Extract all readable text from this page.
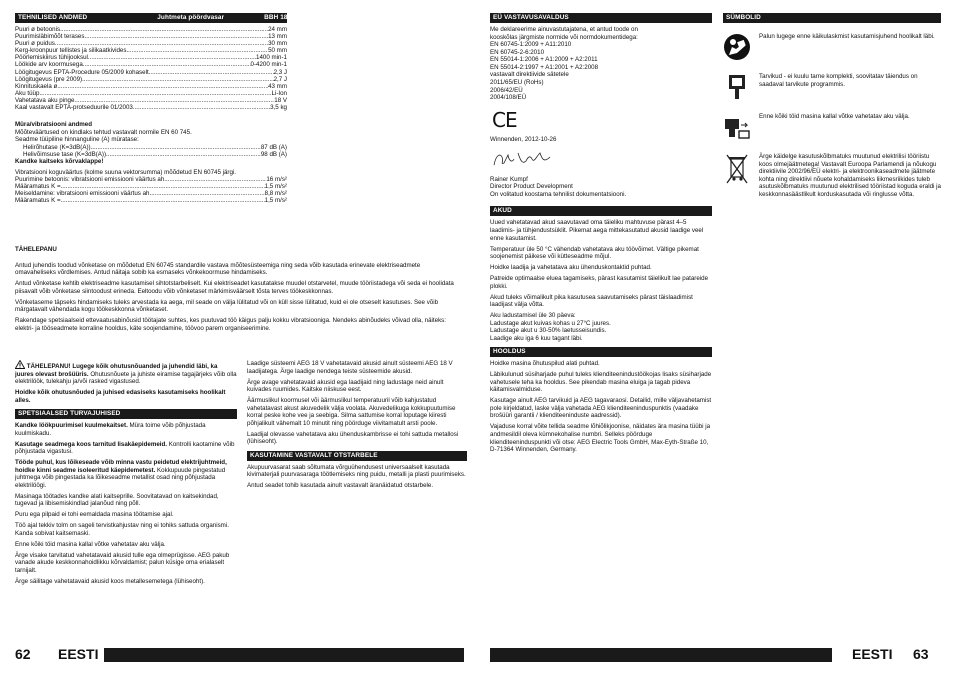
TEHNILISED ANDMED	Juhtmeta pöördvasar	BBH 18
Puuri ø betoonis .....	24 mm
Puurimisläbimõõt terases .....	13 mm
Puuri ø puidus .....	30 mm
Kerg-kroonpuur tellistes ja silikaatkivides .....	50 mm
Pöörlemiskiirus tühijooksul .....	1400 min-1
Löökide arv koormusega .....	0-4200 min-1
Löögitugevus EPTA-Procedure 05/2009 kohaselt .....	2,3 J
Löögitugevus (pre 2009) .....	2,7 J
Kinnituskaela ø .....	43 mm
Aku tüüp .....	Li-Ion
Vahetatava aku pinge .....	18 V
Kaal vastavalt EPTA-protseduurile 01/2003 .....	3,5 kg
Müra/vibratsiooni andmed
Mõõteväärtused on kindlaks tehtud vastavalt normile EN 60 745.
Seadme tüüpiline hinnanguline (A) müratase:
Helirõhutase (K=3dB(A)) .....	87 dB (A)
Helivõimsuse tase (K=3dB(A)) .....	98 dB (A)
Kandke kaitseks kõrvaklappe!
Vibratsiooni koguväärtus (kolme suuna vektorsumma) mõõdetud EN 60745 järgi.
Puurimine betoonis: vibratsiooni emissiooni väärtus ah .....	16 m/s²
Määramatus K = .....	1,5 m/s²
Meiseldamine: vibratsiooni emissiooni väärtus ah .....	8,8 m/s²
Määramatus K = .....	1,5 m/s²
TÄHELEPANU
Antud juhendis toodud võnketase on mõõdetud EN 60745 standardile vastava mõõtesüsteemiga ning seda võib kasutada erinevate elektriseadmete omavaheliseks võrdlemises. Antud näitaja sobib ka esmaseks võnkekoormuse hindamiseks.
Antud võnketase kehtib elektriseadme kasutamisel sihtotstarbeliselt. Kui elektriseadet kasutatakse muudel otstarvetel, muude tööriistadega või seda ei hoolidata piisavalt võib võnketase siintoodust erineda. Eeltoodu võib võnketaset märkimisväärselt tõsta terves töökeskkonnas.
Võnketaseme täpseks hindamiseks tuleks arvestada ka aega, mil seade on välja lülitatud või on küll sisse lülitatud, kuid ei ole otseselt kasutuses. See võib märgatavalt vähendada kogu töökeskkonna võnketaset.
Rakendage spetsiaalseid ettevaatusabinõusid töötajate suhtes, kes puutuvad töö käigus palju kokku vibratsiooniga. Nendeks abinõudeks võivad olla, näiteks: elektri- ja tööseadmete korraline hooldus, käte soojendamine, töövoo parem organiseerimine.
TÄHELEPANU! Lugege kõik ohutusnõuanded ja juhendid läbi, ka juures olevast brošüüris. Ohutusnõuete ja juhiste eiramise tagajärjeks võib olla elektrilöök, tulekahju ja/või rasked vigastused.
Hoidke kõik ohutusnõuded ja juhised edasiseks kasutamiseks hoolikalt alles.
SPETSIAALSED TURVAJUHISED
Kandke löökpuurimisel kuulmekaitset. Müra toime võib põhjustada kuulmiskadu.
Kasutage seadmega koos tarnitud lisakäepidemeid. Kontrolli kaotamine võib põhjustada vigastusi.
Tööde puhul, kus lõikeseade võib minna vastu peidetud elektrijuhtmeid, hoidke kinni seadme isoleeritud käepidemetest. Kokkupuude pingestatud juhtmega võib pingestada ka lõikeseadme metallist osad ning põhjustada elektrilöögi.
Masinaga töötades kandke alati kaitseprille. Soovitatavad on kaitsekindad, tugevad ja libisemiskindlad jalanõud ning põll.
Puru ega pilpaid ei tohi eemaldada masina töötamise ajal.
Töö ajal tekkiv tolm on sageli tervistkahjustav ning ei tohiks sattuda organismi. Kanda sobivat kaitsemaski.
Enne kõiki töid masina kallal võtke vahetatav aku välja.
Ärge visake tarvitatud vahetatavaid akusid tulle ega olmeprügisse. AEG pakub vanade akude keskkonnahoidlikku kõrvaldamist; palun küsige oma erialaselt tarnijalt.
Ärge säilitage vahetatavaid akusid koos metallesemetega (lühiseoht).
Laadige süsteemi AEG 18 V vahetatavaid akusid ainult süsteemi AEG 18 V laadijatega. Ärge laadige nendega teiste süsteemide akusid.
Ärge avage vahetatavaid akusid ega laadijaid ning ladustage neid ainult kuivades ruumides. Kaitske niiskuse eest.
Äärmuslikul koormusel või äärmuslikul temperatuuril võib kahjustatud vahetatavast akust akuvedelik välja voolata. Akuvedelikuga kokkupuutumise korral peske kohe vee ja seebiga. Silma sattumise korral loputage kiiresti põhjalikult vähemalt 10 minutit ning pöörduge viivitamatult arsti poole.
Laadijal olevasse vahetatava aku ühenduskambrisse ei tohi sattuda metallosi (lühiseoht).
KASUTAMINE VASTAVALT OTSTARBELE
Akupuurvasarat saab sõltumata võrguühendusest universaalselt kasutada kivimaterjali puurvasaraga töötlemiseks ning puidu, metalli ja plasti puurimiseks.
Antud seadet tohib kasutada ainult vastavalt äranäidatud otstarbele.
62 EESTI
EÜ VASTAVUSAVALDUS
Me deklareerime ainuvastutajatena, et antud toode on
kooskõlas järgmiste normide või normdokumentidega:
EN 60745-1:2009 + A11:2010
EN 60745-2-6:2010
EN 55014-1:2006 + A1:2009 + A2:2011
EN 55014-2:1997 + A1:2001 + A2:2008
vastavalt direktiivide sätetele
2011/65/EU (RoHs)
2006/42/EÜ
2004/108/EÜ
CE
Winnenden, 2012-10-26
Rainer Kumpf
Director Product Development
On volitatud koostama tehnilist dokumentatsiooni.
AKUD
Uued vahetatavad akud saavutavad oma täieliku mahtuvuse pärast 4–5 laadimis- ja tühjendustsüklit. Pikemat aega mittekasutatud akusid laadige veel enne kasutamist.
Temperatuur üle 50 °C vähendab vahetatava aku töövõimet. Vältige pikemat soojenemist päikese või kütteseadme mõjul.
Hoidke laadija ja vahetatava aku ühenduskontaktid puhtad.
Patreide optimaalse eluea tagamiseks, pärast kasutamist täielikult lae patareide plokki.
Akud tuleks võimalikult pika kasutusea saavutamiseks pärast täislaadimist laadijast välja võtta.
Aku ladustamisel üle 30 päeva:
Ladustage akut kuivas kohas u 27°C juures.
Ladustage akut u 30-50% laetusseisundis.
Laadige aku iga 6 kuu tagant läbi.
HOOLDUS
Hoidke masina õhutuspilud alati puhtad.
Läbikulunud süsiharjade puhul tuleks klienditeenindustöökojas lisaks süsiharjade vahetusele teha ka hooldus. See pikendab masina eluiga ja tagab pideva käitamisvalmiduse.
Kasutage ainult AEG tarvikuid ja AEG tagavaraosi. Detailid, mille väljavahetamist pole kirjeldatud, laske välja vahetada AEG klienditeeninduspunktis (vaadake brošüüri garantii / klienditeeninduste aadressid).
Vajaduse korral võite tellida seadme lõhiõlikjoonise, näidates ära masina tüübi ja andmesildil oleva kümnekohalise numbri. Selleks pöörduge klienditeeninduspunkti või otse: AEG Electric Tools GmbH, Max-Eyth-Straße 10, D-71364 Winnenden, Germany.
SÜMBOLID
Palun lugege enne käikulaskmist kasutamisjuhend hoolikalt läbi.
Tarvikud - ei kuulu tarne komplekti, soovitatav täiendus on saadaval tarvikute programmis.
Enne kõiki töid masina kallal võtke vahetatav aku välja.
Ärge käidelge kasutuskõlbmatuks muutunud elektrilisi tööriistu koos olmejäätmetega! Vastavalt Euroopa Parlamendi ja nõukogu direktiivile 2002/96/EÜ elektri- ja elektroonikaseadmete jäätmete kohta ning direktiivi nõuete kohaldamiseks liikmesriikides tuleb asutuskõlbmatuks muutunud elektrilised tööriistad koguda eraldi ja keskkonnasäästlikult korduskasutada või ringlusse võtta.
EESTI 63
